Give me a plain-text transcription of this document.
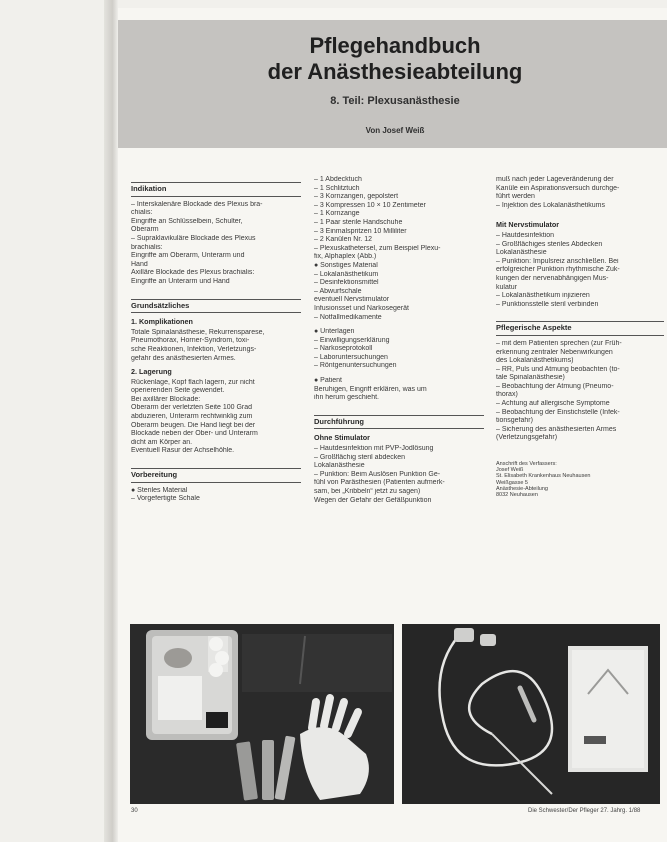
Pflegehandbuch
der Anästhesieabteilung
8. Teil: Plexusanästhesie
Von Josef Weiß
Indikation
– Interskalenäre Blockade des Plexus bra-
chialis:
Eingriffe an Schlüsselbein, Schulter,
Oberarm
– Supraklavikuläre Blockade des Plexus
brachialis:
Eingriffe am Oberarm, Unterarm und
Hand
Axilläre Blockade des Plexus brachialis:
Eingriffe an Unterarm und Hand
Grundsätzliches
1. Komplikationen
Totale Spinalanästhesie, Rekurrensparese,
Pneumothorax, Horner-Syndrom, toxi-
sche Reaktionen, Infektion, Verletzungs-
gefahr des anästhesierten Armes.
2. Lagerung
Rückenlage, Kopf flach lagern, zur nicht
operierenden Seite gewendet.
Bei axillärer Blockade:
Oberarm der verletzten Seite 100 Grad
abduzieren, Unterarm rechtwinklig zum
Oberarm beugen. Die Hand liegt bei der
Blockade neben der Ober- und Unterarm
dicht am Körper an.
Eventuell Rasur der Achselhöhle.
Vorbereitung
● Steriles Material
– Vorgefertigte Schale
– 1 Abdecktuch
– 1 Schlitztuch
– 3 Kornzangen, gepolstert
– 3 Kompressen 10 × 10 Zentimeter
– 1 Kornzange
– 1 Paar sterile Handschuhe
– 3 Einmalspritzen 10 Milliliter
– 2 Kanülen Nr. 12
– Plexuskathetersel, zum Beispiel Plexu-
fix, Alphaplex (Abb.)
● Sonstiges Material
– Lokalanästhetikum
– Desinfektionsmittel
– Abwurfschale
eventuell Nervstimulator
Infusionsset und Narkosegerät
– Notfallmedikamente
● Unterlagen
– Einwilligungserklärung
– Narkoseprotokoll
– Laboruntersuchungen
– Röntgenuntersuchungen
● Patient
Beruhigen, Eingriff erklären, was um
ihn herum geschieht.
Durchführung
Ohne Stimulator
– Hautdesinfektion mit PVP-Jodlösung
– Großflächig steril abdecken
Lokalanästhesie
– Punktion: Beim Auslösen Punktion Ge-
fühl von Parästhesien (Patienten aufmerk-
sam, bei „Kribbeln“ jetzt zu sagen)
Wegen der Gefahr der Gefäßpunktion
muß nach jeder Lageveränderung der
Kanüle ein Aspirationsversuch durchge-
führt werden
– Injektion des Lokalanästhetikums
Mit Nervstimulator
– Hautdesinfektion
– Großflächiges steriles Abdecken
Lokalanästhesie
– Punktion: Impulsreiz anschließen. Bei
erfolgreicher Punktion rhythmische Zuk-
kungen der nervenabhängigen Mus-
kulatur
– Lokalanästhetikum injizieren
– Punktionsstelle steril verbinden
Pflegerische Aspekte
– mit dem Patienten sprechen (zur Früh-
erkennung zentraler Nebenwirkungen
des Lokalanästhetikums)
– RR, Puls und Atmung beobachten (to-
tale Spinalanästhesie)
– Beobachtung der Atmung (Pneumo-
thorax)
– Achtung auf allergische Symptome
– Beobachtung der Einstichstelle (Infek-
tionsgefahr)
– Sicherung des anästhesierten Armes
(Verletzungsgefahr)
Anschrift des Verfassers:
Josef Weiß
St. Elisabeth Krankenhaus Neuhausen
Weißgasse 5
Anästhesie-Abteilung
8032 Neuhausen
30	Die Schwester/Der Pfleger 27. Jahrg. 1/88
